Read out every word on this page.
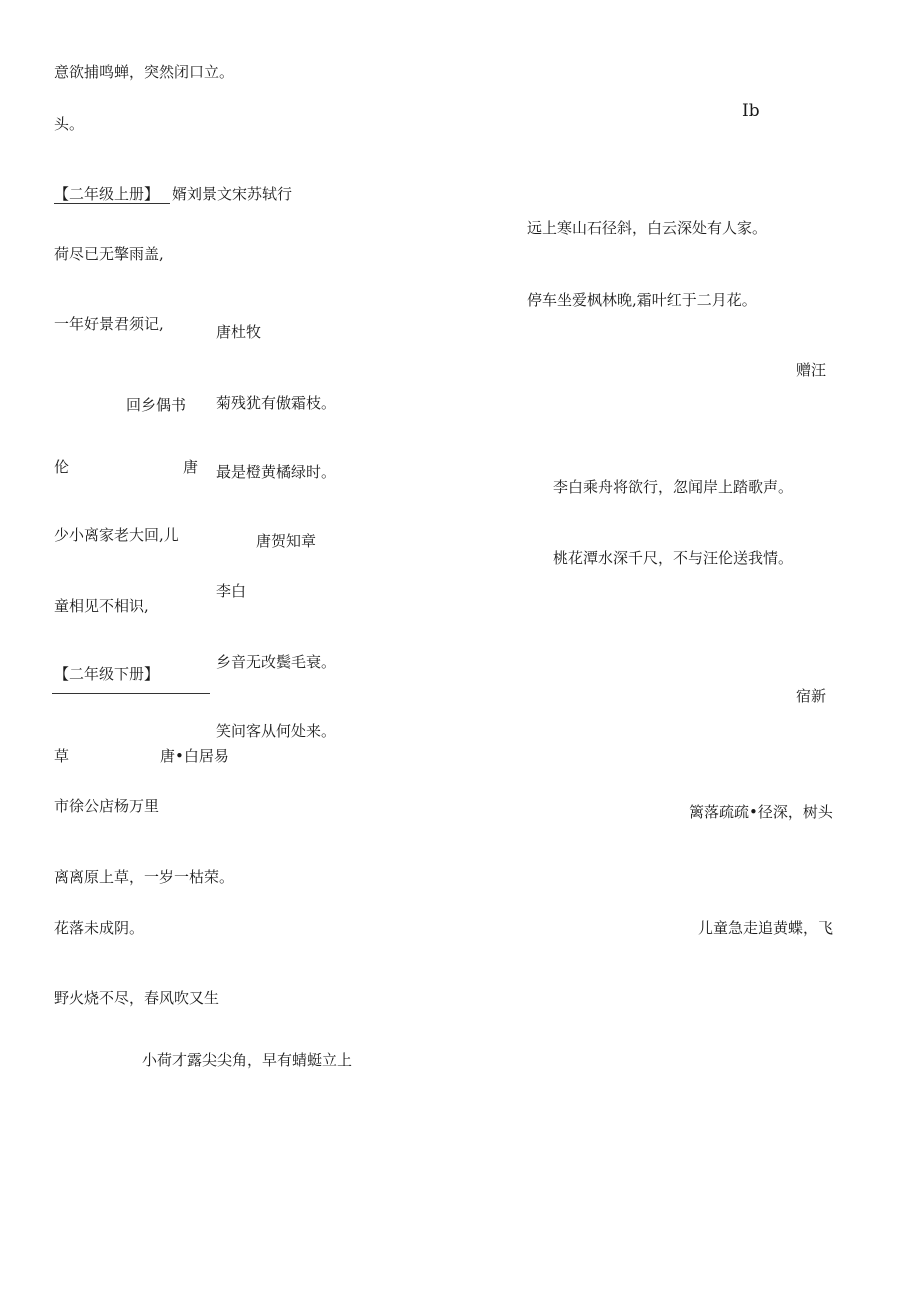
意欲捕鸣蝉，突然闭口立。
头。
Ib
【二年级上册】 婿刘景文宋苏轼行
远上寒山石径斜，白云深处有人家。
荷尽已无擎雨盖,
停车坐爱枫林晚,霜叶红于二月花。
一年好景君须记,	唐杜牧
赠汪
回乡偶书 菊残犹有傲霜枝。
伦	唐 最是橙黄橘绿时。
李白乘舟将欲行，忽闻岸上踏歌声。
少小离家老大回,儿	唐贺知章
桃花潭水深千尺，不与汪伦送我情。
李白
童相见不相识,
乡音无改鬓毛衰。
【二年级下册】
宿新
笑问客从何处来。
草	唐•白居易
市徐公店杨万里	篱落疏疏•径深，树头
离离原上草，一岁一枯荣。
花落未成阴。	儿童急走追黄蝶，飞
野火烧不尽，春风吹又生
小荷才露尖尖角，早有蜻蜓立上
